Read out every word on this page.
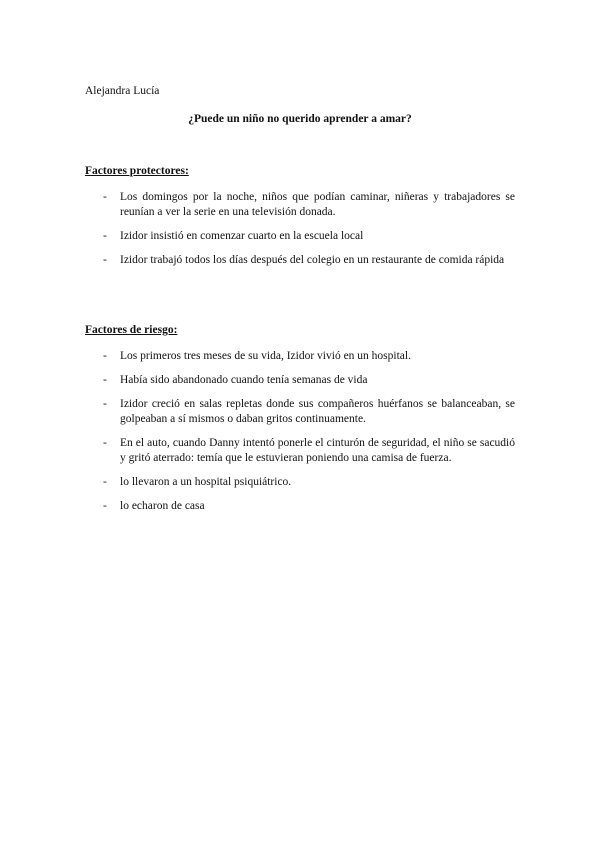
Alejandra Lucía
¿Puede un niño no querido aprender a amar?
Factores protectores:
-	Los domingos por la noche, niños que podían caminar, niñeras y trabajadores se reunían a ver la serie en una televisión donada.
-	Izidor insistió en comenzar cuarto en la escuela local
-	Izidor trabajó todos los días después del colegio en un restaurante de comida rápida
Factores de riesgo:
-	Los primeros tres meses de su vida, Izidor vivió en un hospital.
-	Había sido abandonado cuando tenía semanas de vida
-	Izidor creció en salas repletas donde sus compañeros huérfanos se balanceaban, se golpeaban a sí mismos o daban gritos continuamente.
-	En el auto, cuando Danny intentó ponerle el cinturón de seguridad, el niño se sacudió y gritó aterrado: temía que le estuvieran poniendo una camisa de fuerza.
-	lo llevaron a un hospital psiquiátrico.
-	lo echaron de casa
